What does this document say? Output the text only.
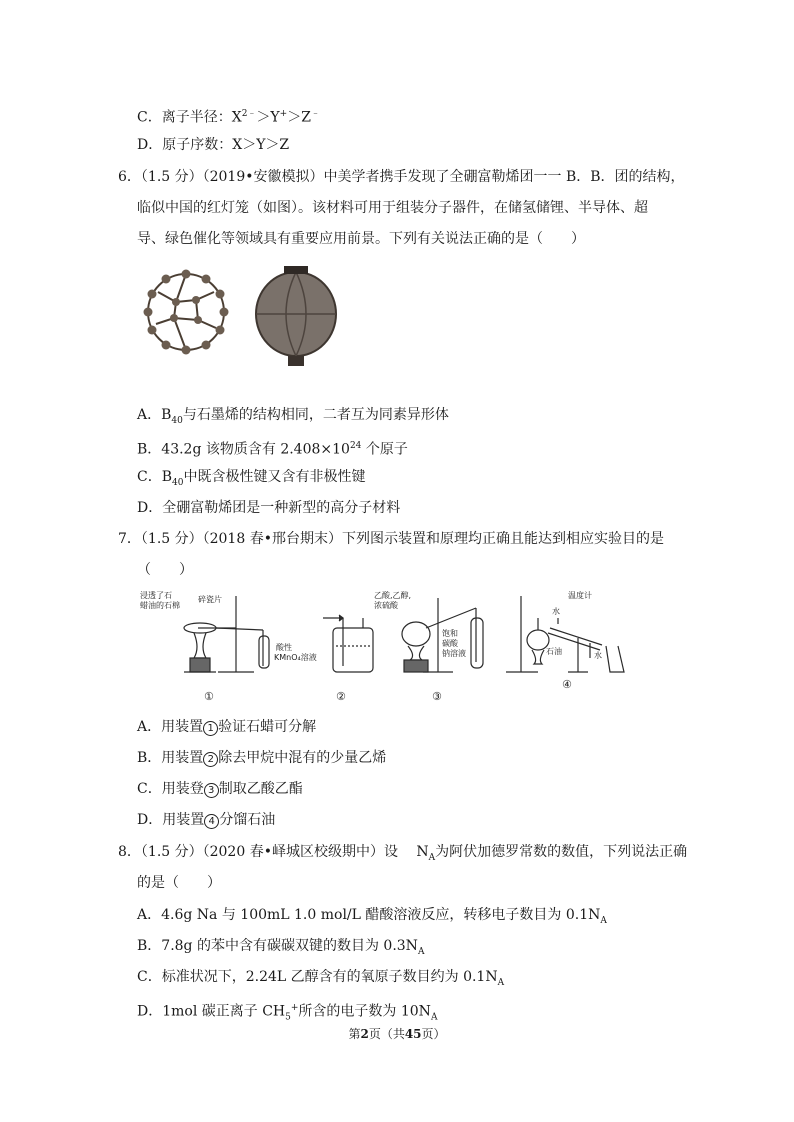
C．离子半径：$X^{2﹣}>Y^+>Z^﹣$
D．原子序数：X＞Y＞Z
6．（1.5 分）（2019•安徽模拟）中美学者携手发现了全硼富勒烯团一一 B．B．团的结构，
临似中国的红灯笼（如图）。该材料可用于组装分子器件，在储氢储锂、半导体、超
导、绿色催化等领域具有重要应用前景。下列有关说法正确的是（　　）
A．$B_{40}$与石墨烯的结构相同，二者互为同素异形体
B．43.2g 该物质含有 $2.408\times 10^{24}$ 个原子
C．$B_{40}$中既含极性键又含有非极性键
D．全硼富勒烯团是一种新型的高分子材料
7．（1.5 分）（2018 春•邢台期末）下列图示装置和原理均正确且能达到相应实验目的是
（　　）
浸透了石
蜡油的石棉
碎瓷片
酸性
KMnO₄溶液
乙酸,乙醇,
浓硫酸
饱和
碳酸
钠溶液
温度计
水
石油	水
①	②	③
④
A．用装置 1 验证石蜡可分解
B．用装置 2 除去甲烷中混有的少量乙烯
C．用装登 3 制取乙酸乙酯
D．用装置 4 分馏石油
8．（1.5 分）（2020 春•峄城区校级期中）设　 $N_A$为阿伏加德罗常数的数值，下列说法正确
的是（　　）
A．4.6g Na 与 100mL 1.0 mol/L 醋酸溶液反应，转移电子数目为 $0.1N_A$
B．7.8g 的苯中含有碳碳双键的数目为 $0.3N_A$
C．标准状况下，2.24L 乙醇含有的氧原子数目约为 $0.1N_A$
D．1mol 碳正离子 $CH_5^+$所含的电子数为 $10N_A$
第2页（共45页）
